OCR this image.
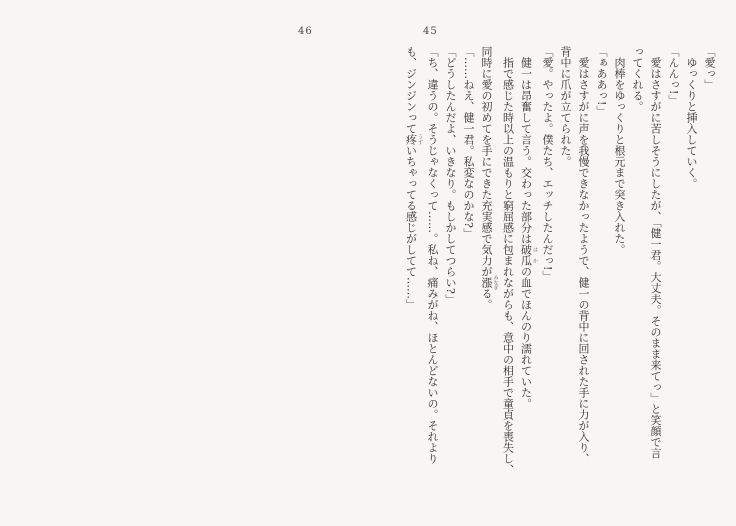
「愛っ」

ゆっくりと挿入していく。

「んんっ!」

愛はさすがに苦しそうにしたが、「健一君。大丈夫。そのまま来てっ」と笑顔で言

ってくれる。

肉棒をゆっくりと根元まで突き入れた。

「ぁああっ!」

愛はさすがに声を我慢できなかったようで、健一の背中に回された手に力が入り、

背中に爪が立てられた。

「愛。やったよ。僕たち、エッチしたんだっ!」

健一は昂奮して言う。交わった部分は破瓜 はかの血でほんのり濡れていた。

指で感じた時以上の温もりと窮屈感に包まれながらも、意中の相手で童貞を喪失し、

同時に愛の初めてを手にできた充実感で気力が漲 みなぎる。

「……ねえ、健一君。私変なのかな?」

「どうしたんだよ、いきなり。もしかしてつらい?」

「ち、違うの。そうじゃなくって……。私ね、痛みがね、ほとんどないの。それより

も、ジンジンって疼 うずいちゃってる感じがしてて……」

46	45
